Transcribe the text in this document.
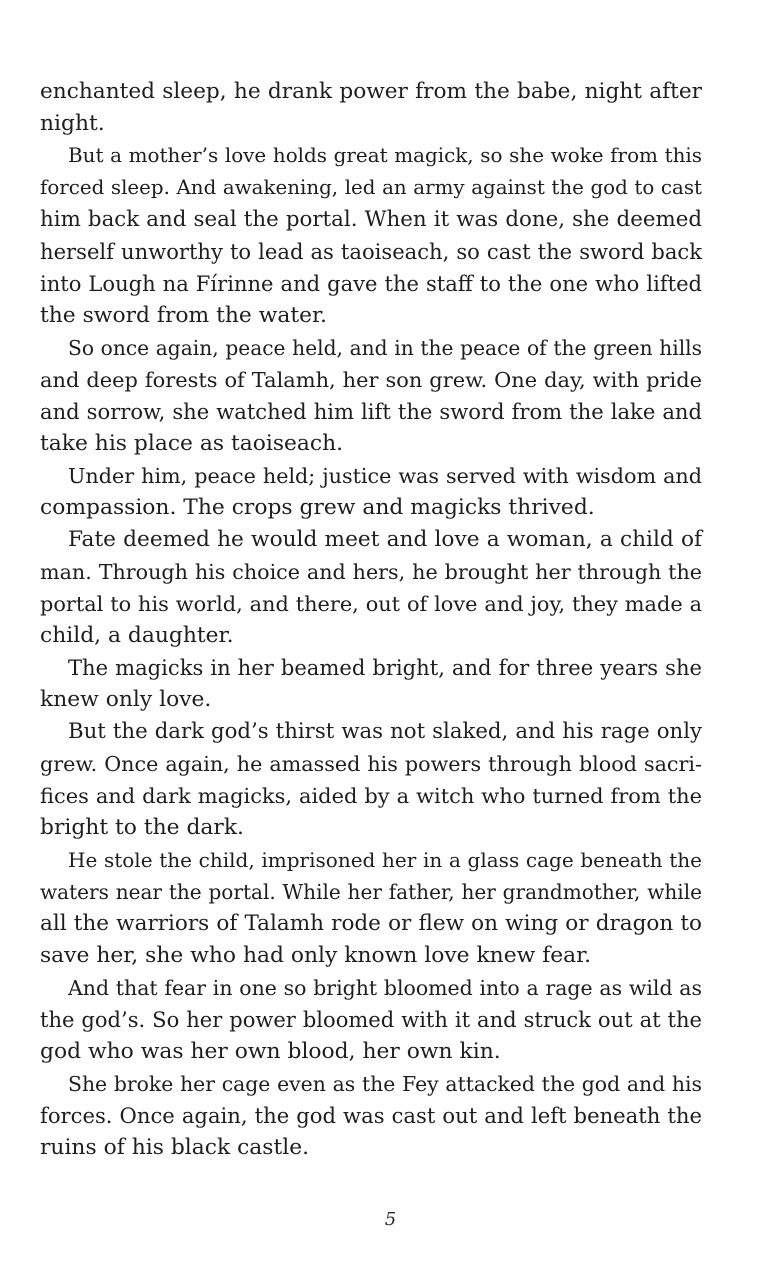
enchanted sleep, he drank power from the babe, night after
night.
But a mother’s love holds great magick, so she woke from this
forced sleep. And awakening, led an army against the god to cast
him back and seal the portal. When it was done, she deemed
herself unworthy to lead as taoiseach, so cast the sword back
into Lough na Fírinne and gave the staff to the one who lifted
the sword from the water.
So once again, peace held, and in the peace of the green hills
and deep forests of Talamh, her son grew. One day, with pride
and sorrow, she watched him lift the sword from the lake and
take his place as taoiseach.
Under him, peace held; justice was served with wisdom and
compassion. The crops grew and magicks thrived.
Fate deemed he would meet and love a woman, a child of
man. Through his choice and hers, he brought her through the
portal to his world, and there, out of love and joy, they made a
child, a daughter.
The magicks in her beamed bright, and for three years she
knew only love.
But the dark god’s thirst was not slaked, and his rage only
grew. Once again, he amassed his powers through blood sacri-
fices and dark magicks, aided by a witch who turned from the
bright to the dark.
He stole the child, imprisoned her in a glass cage beneath the
waters near the portal. While her father, her grandmother, while
all the warriors of Talamh rode or flew on wing or dragon to
save her, she who had only known love knew fear.
And that fear in one so bright bloomed into a rage as wild as
the god’s. So her power bloomed with it and struck out at the
god who was her own blood, her own kin.
She broke her cage even as the Fey attacked the god and his
forces. Once again, the god was cast out and left beneath the
ruins of his black castle.
5
